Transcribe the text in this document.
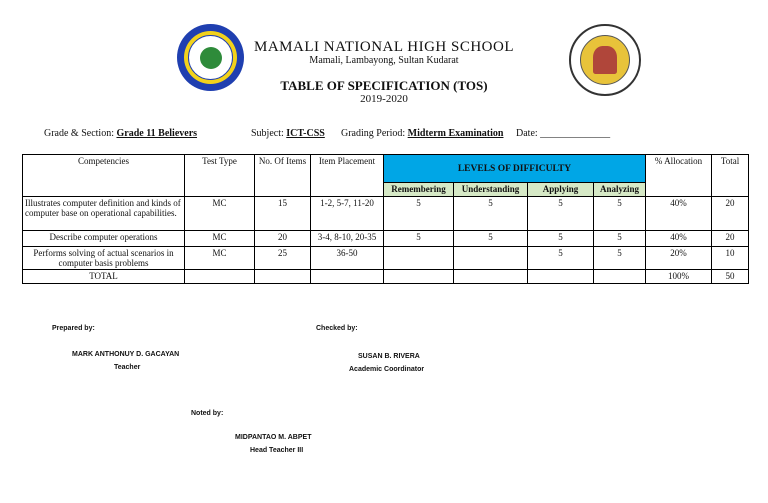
MAMALI NATIONAL HIGH SCHOOL
Mamali, Lambayong, Sultan Kudarat
TABLE OF SPECIFICATION (TOS)
2019-2020
Grade & Section: Grade 11 Believers	Subject: ICT-CSS Grading Period: Midterm Examination Date: ______________
Competencies	Test Type	No. Of Items	Item Placement	LEVELS OF DIFFICULTY				% Allocation	Total
				Remembering	Understanding	Applying	Analyzing		
Illustrates computer definition and kinds of computer base on operational capabilities.	MC	15	1-2, 5-7, 11-20	5	5	5	5	40%	20
Describe computer operations	MC	20	3-4, 8-10, 20-35	5	5	5	5	40%	20
Performs solving of actual scenarios in computer basis problems	MC	25	36-50			5	5	20%	10
TOTAL								100%	50
Prepared by:
MARK ANTHONUY D. GACAYAN
Teacher
Checked by:
SUSAN B. RIVERA
Academic Coordinator
Noted by:
MIDPANTAO M. ABPET
Head Teacher III
